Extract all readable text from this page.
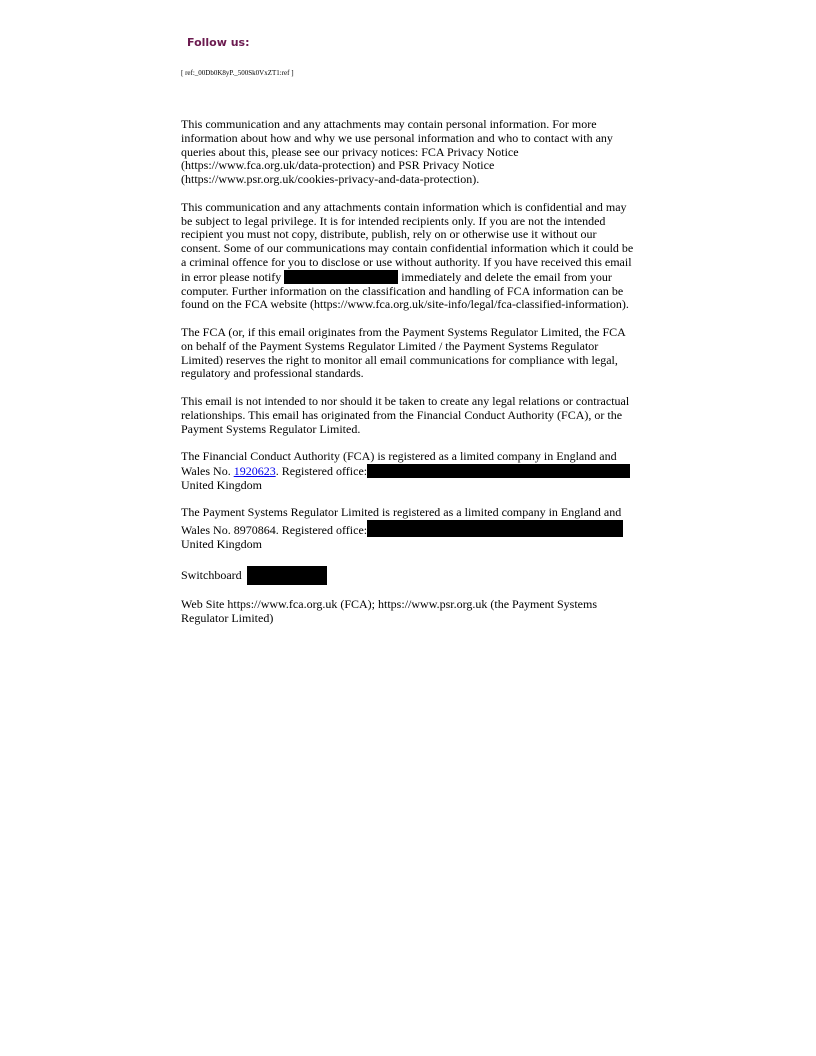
Follow us:
[ ref:_00Db0K8yP._500Sk0VxZT1:ref ]

This communication and any attachments may contain personal information. For more information about how and why we use personal information and who to contact with any queries about this, please see our privacy notices: FCA Privacy Notice (https://www.fca.org.uk/data-protection) and PSR Privacy Notice (https://www.psr.org.uk/cookies-privacy-and-data-protection).

This communication and any attachments contain information which is confidential and may be subject to legal privilege. It is for intended recipients only. If you are not the intended recipient you must not copy, distribute, publish, rely on or otherwise use it without our consent. Some of our communications may contain confidential information which it could be a criminal offence for you to disclose or use without authority. If you have received this email in error please notify	immediately and delete the email from your computer. Further information on the classification and handling of FCA information can be found on the FCA website (https://www.fca.org.uk/site-info/legal/fca-classified-information).

The FCA (or, if this email originates from the Payment Systems Regulator Limited, the FCA on behalf of the Payment Systems Regulator Limited / the Payment Systems Regulator Limited) reserves the right to monitor all email communications for compliance with legal, regulatory and professional standards.

This email is not intended to nor should it be taken to create any legal relations or contractual relationships. This email has originated from the Financial Conduct Authority (FCA), or the Payment Systems Regulator Limited.

The Financial Conduct Authority (FCA) is registered as a limited company in England and Wales No. 1920623. Registered office:
United Kingdom

The Payment Systems Regulator Limited is registered as a limited company in England and Wales No. 8970864. Registered office:
United Kingdom

Switchboard

Web Site https://www.fca.org.uk (FCA); https://www.psr.org.uk (the Payment Systems Regulator Limited)
